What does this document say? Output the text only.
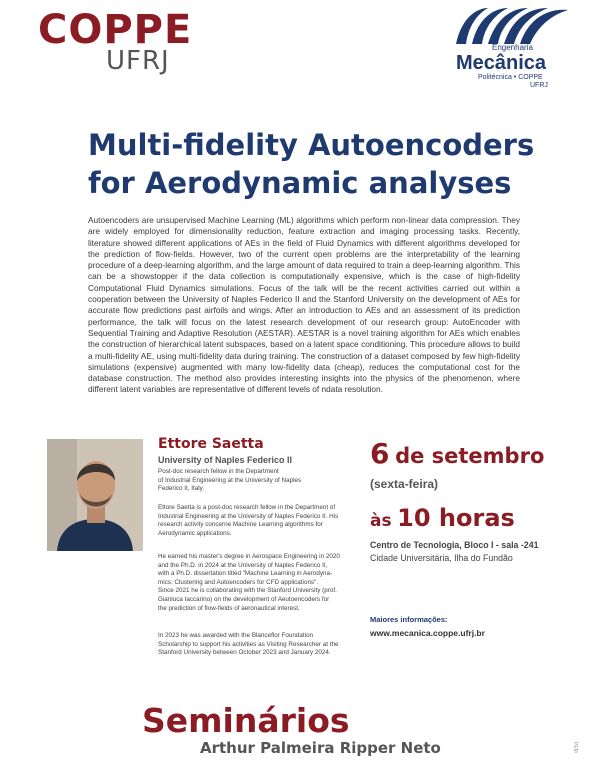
COPPE
UFRJ	Engenharia
Mecânica
Politécnica • COPPE
UFRJ
Multi-fidelity Autoencoders
for Aerodynamic analyses

Autoencoders are unsupervised Machine Learning (ML) algorithms which perform non-linear data compression. They are widely employed for dimensionality reduction, feature extraction and imaging processing tasks. Recently, literature showed different applications of AEs in the field of Fluid Dynamics with different algorithms developed for the prediction of flow-fields. However, two of the current open problems are the interpretability of the learning procedure of a deep-learning algorithm, and the large amount of data required to train a deep-learning algorithm. This can be a showstopper if the data collection is computationally expensive, which is the case of high-fidelity Computational Fluid Dynamics simulations. Focus of the talk will be the recent activities carried out within a cooperation between the University of Naples Federico II and the Stanford University on the development of AEs for accurate flow predictions past airfoils and wings. After an introduction to AEs and an assessment of its prediction performance, the talk will focus on the latest research development of our research group: AutoEncoder with Sequential Training and Adaptive Resolution (AESTAR). AESTAR is a novel training algorithm for AEs which enables the construction of hierarchical latent subspaces, based on a latent space conditioning. This procedure allows to build a multi-fidelity AE, using multi-fidelity data during training. The construction of a dataset composed by few high-fidelity simulations (expensive) augmented with many low-fidelity data (cheap), reduces the computational cost for the database construction. The method also provides interesting insights into the physics of the phenomenon, where different latent variables are representative of different levels of ndata resolution.

Ettore Saetta
University of Naples Federico II
Post-doc research fellow in the Department
of Industrial Engineering at the University of Naples
Federico II, Italy.
Ettore Saetta is a post-doc research fellow in the Department of
Industrial Engineering at the University of Naples Federico II. His
research activity concerne Machine Learning algorithms for
Aerodynamic applications.
He earned his master's degree in Aerospace Engineering in 2020
and the Ph.D. in 2024 at the University of Naples Federico II,
with a Ph.D. dissertation titled "Machine Learning in Aerodyna-
mics: Clustering and Autoencoders for CFD applications".
Since 2021 he is collaborating with the Stanford University (prof.
Gianluca Iaccarino) on the development of Aeutoencoders for
the prediction of flow-fields of aeronautical interest.
In 2023 he was awarded with the Blanceflor Foundation
Scholarship to support his activities as Visiting Researcher at the
Stanford University between October 2023 and January 2024.
6 de setembro
(sexta-feira)
às 10 horas
Centro de Tecnologia, Bloco I - sala -241
Cidade Universitária, Ilha do Fundão
Maiores informações:
www.mecanica.coppe.ufrj.br
Seminários
Arthur Palmeira Ripper Neto	PEM
